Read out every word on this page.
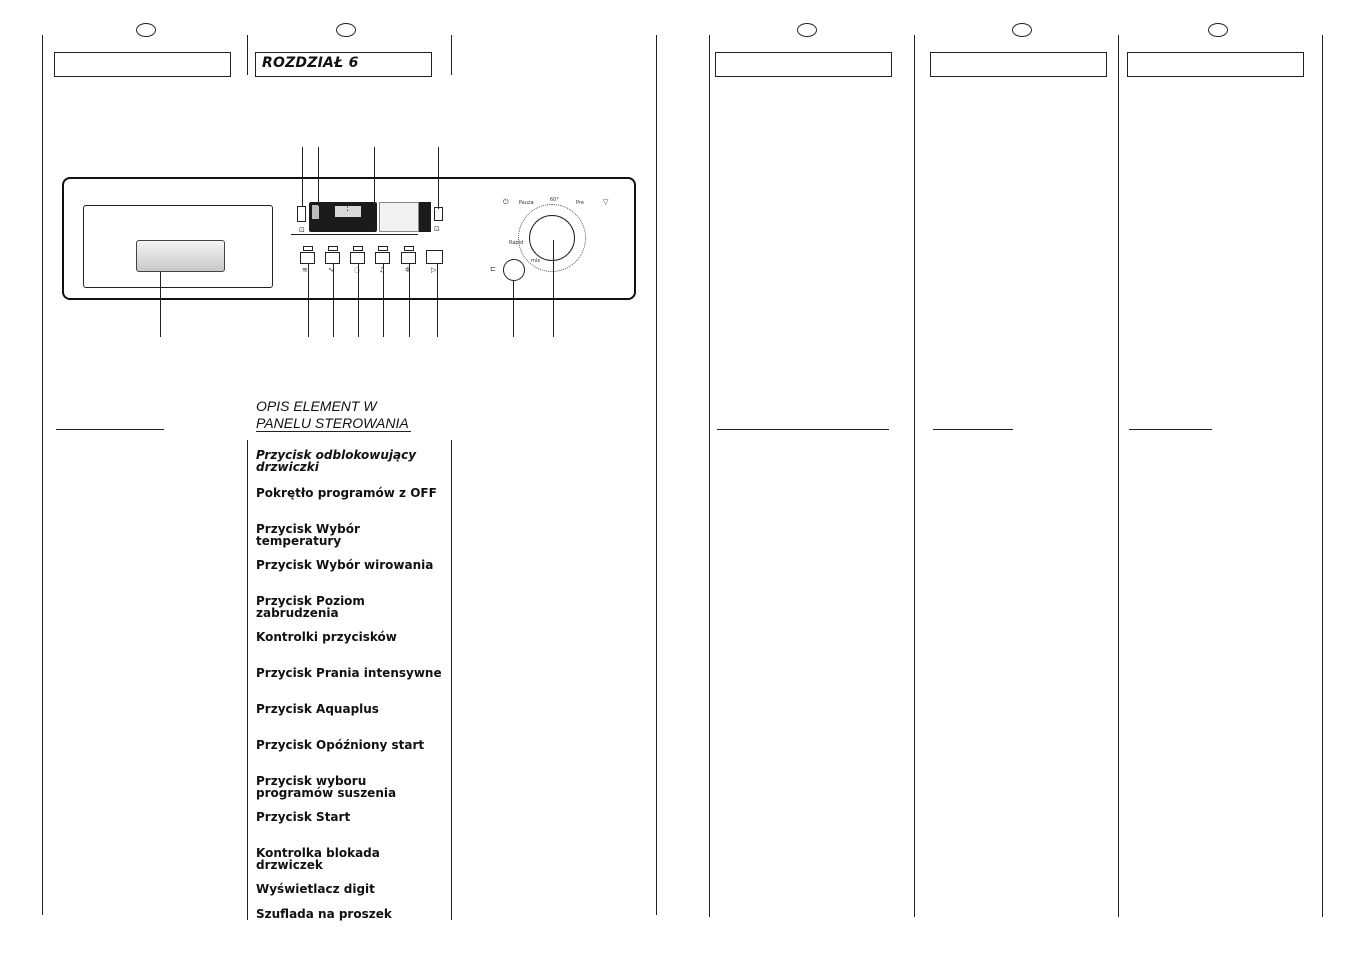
ROZDZIAŁ 6
⊡
:
⊡
≋	∿	◌	♫	✲	▷
Pauza	60°	Pre
Rapid
mix
⏻	▽
⊏
OPIS ELEMENT W
PANELU STEROWANIA
Przycisk odblokowujący drzwiczki
Pokrętło programów z OFF
Przycisk Wybór temperatury
Przycisk Wybór wirowania
Przycisk Poziom zabrudzenia
Kontrolki przycisków
Przycisk Prania intensywne
Przycisk Aquaplus
Przycisk Opóźniony start
Przycisk wyboru programów suszenia
Przycisk Start
Kontrolka blokada drzwiczek
Wyświetlacz digit
Szuflada na proszek
